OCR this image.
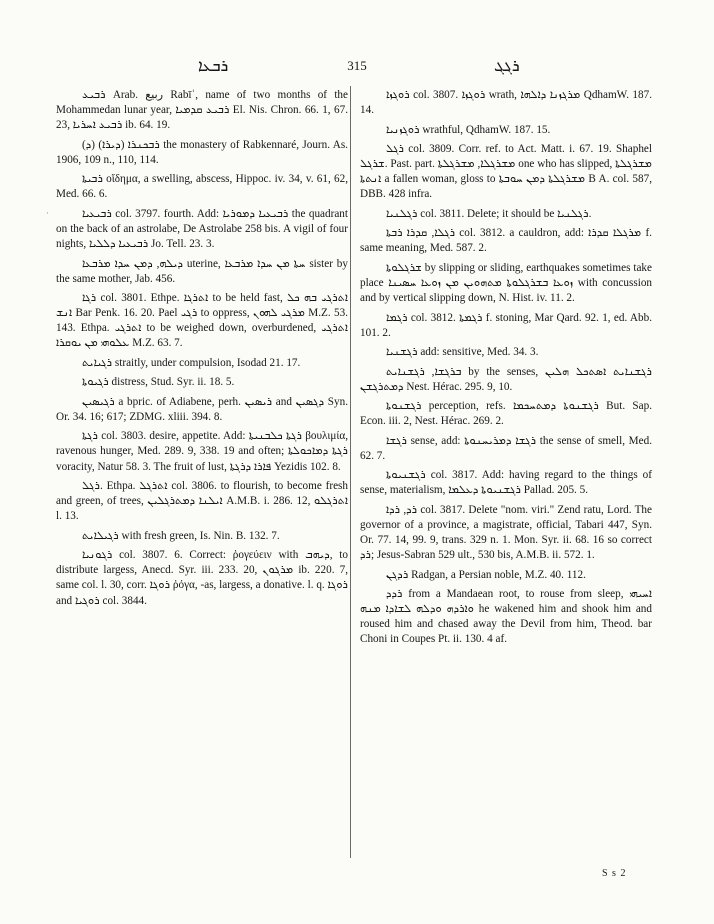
ܪܒܥܐ	315	ܪܓܓ
·

ܪܒܝܥ Arab. ربيع Rabīʿ, name of two months of the Mohammedan lunar year, ܪܒܝܥ ܩܕܡܝܐ El. Nis. Chron. 66. 1, 67. 23, ܪܒܝܥ ܐܚܪܝܐ ib. 64. 19.

(ܕ) ܪܒܟܢܪܐ (ܕܝܪܐ) the monastery of Rabkennaré, Journ. As. 1906, 109 n., 110, 114.

ܪܒܝܬܐ οἴδημα, a swelling, abscess, Hippoc. iv. 34, v. 61, 62, Med. 66. 6.

ܪܒܝܥܝܐ col. 3797. fourth. Add: ܪܒܝܥܝܐ ܕܡܘܪܝܐ the quadrant on the back of an astrolabe, De Astrolabe 258 bis. A vigil of four nights, ܪܒܝܥܝܐ ܕܠܠܝܐ Jo. Tell. 23. 3.

ܕܝܠܗ, ܕܡܢ ܚܕܐ ܡܪܒܥܐ uterine, ܚܬܐ ܡܢ ܚܕܐ ܡܪܒܥܐ sister by the same mother, Jab. 456.

ܪܓܐ col. 3801. Ethpe. ܐܬܪܓܐ to be held fast, ܐܬܪܓܝ ܒܗ ܟܠ ܐܢܫ Bar Penk. 16. 20. Pael ܪܓܝ to oppress, ܡܪܓܝ ܠܗܘܢ M.Z. 53. 143. Ethpa. ܐܬܪܓܝ to be weighed down, overburdened, ܐܬܪܓܝ ܥܠܘܗܝ ܡܢ ܝܘܩܪܐ M.Z. 63. 7.

ܪܓܝܐܝܬ straitly, under compulsion, Isodad 21. 17.

ܪܓܝܘܬܐ distress, Stud. Syr. ii. 18. 5.

ܪܓܝܣܝܢ a bpric. of Adiabene, perh. ܪܝܣܝܢ and ܕܓܣܝܢ Syn. Or. 34. 16; 617; ZDMG. xliii. 394. 8.

ܪܓܬܐ col. 3803. desire, appetite. Add: ܪܓܬܐ ܟܠܒܢܝܬܐ βουλιμία, ravenous hunger, Med. 289. 9, 338. 19 and often; ܪܓܬܐ ܕܡܐܟܘܠܬܐ voracity, Natur 58. 3. The fruit of lust, ܦܐܪܐ ܕܪܓܬܐ Yezidis 102. 8.

ܪܓܠ. Ethpa. ܐܬܪܓܠ col. 3806. to flourish, to become fresh and green, of trees, ܐܝܠܢܐ ܕܡܬܪܓܠܝܢ A.M.B. i. 286. 12, ܐܬܪܓܠܘ l. 13.

ܪܓܝܠܐܝܬ with fresh green, Is. Nin. B. 132. 7.

ܪܓܘܢܝܐ col. 3807. 6. Correct: ῥογεύειν with ܕܝܗܒ, to distribute largess, Anecd. Syr. iii. 233. 20, ܡܪܓܘܢ ib. 220. 7, same col. l. 30, corr. ܪܘܓܐ ῥόγα, -as, largess, a donative. l. q. ܪܘܓܐ and ܪܘܓܝܐ col. 3844.

ܪܘܓܙܐ col. 3807. ܪܘܓܙܐ wrath, ܡܪܓܙܢܐ ܕܐܠܗܐ QdhamW. 187. 14.

ܪܘܓܙܢܝܐ wrathful, QdhamW. 187. 15.

ܪܓܠ col. 3809. Corr. ref. to Act. Matt. i. 67. 19. Shaphel ܫܪܓܠ. Past. part. ܡܫܪܓܠܐ, ܡܫܪܓܠܬܐ one who has slipped, ܡܫܪܓܠܬܐ ܐܢܬܬܐ a fallen woman, gloss to ܡܫܪܓܠܬܐ ܕܡܢ ܚܘܒܬܐ B A. col. 587, DBB. 428 infra.

ܪܓܠܢܝܐ col. 3811. Delete; it should be ܪܓܠܢܝܐ.

ܪܓܠܐ, ܩܕܪܐ ܪܒܬܐ col. 3812. a cauldron, add: ܡܪܓܠܐ ܩܕܪܐ f. same meaning, Med. 587. 2.

ܫܪܓܠܘܬܐ by slipping or sliding, earthquakes sometimes take place ܙܘܥܐ ܒܫܪܓܠܘܬܐ ܡܬܗܘܝܢ ܡܢ ܙܘܥܐ ܚܣܝܢܐ with concussion and by vertical slipping down, N. Hist. iv. 11. 2.

ܪܓܡܐ col. 3812. ܪܓܡܬܐ f. stoning, Mar Qard. 92. 1, ed. Abb. 101. 2.

ܪܓܫܢܝܐ add: sensitive, Med. 34. 3.

ܒܪܓܫܐ, ܪܓܫܢܐܝܬ by the senses, ܪܓܫܢܐܝܬ ܐܣܬܟܠ ܗܠܝܢ ܕܡܬܪܓܫܢ Nest. Hérac. 295. 9, 10.

ܪܓܫܢܘܬܐ perception, refs. ܪܓܫܢܘܬܐ ܕܡܬܚܟܡܐ But. Sap. Econ. iii. 2, Nest. Hérac. 269. 2.

ܪܓܫܐ sense, add: ܪܓܫܐ ܕܡܪܝܚܢܘܬܐ the sense of smell, Med. 62. 7.

ܪܓܫܢܝܘܬܐ col. 3817. Add: having regard to the things of sense, materialism, ܪܓܫܢܝܘܬܐ ܕܥܠܡܐ Pallad. 205. 5.

ܪܕ, ܪܕܐ col. 3817. Delete "nom. viri." Zend ratu, Lord. The governor of a province, a magistrate, official, Tabari 447, Syn. Or. 77. 14, 99. 9, trans. 329 n. 1. Mon. Syr. ii. 68. 16 so correct ܪܕ; Jesus-Sabran 529 ult., 530 bis, A.M.B. ii. 572. 1.

ܪܕܓܢ Radgan, a Persian noble, M.Z. 40. 112.

ܪܕܕ from a Mandaean root, to rouse from sleep, ܐܚܝܗܝ ܘܐܪܕܗ ܘܕܠܗ ܠܫܐܕܐ ܡܢܗ he wakened him and shook him and roused him and chased away the Devil from him, Theod. bar Choni in Coupes Pt. ii. 130. 4 af.

S s 2
